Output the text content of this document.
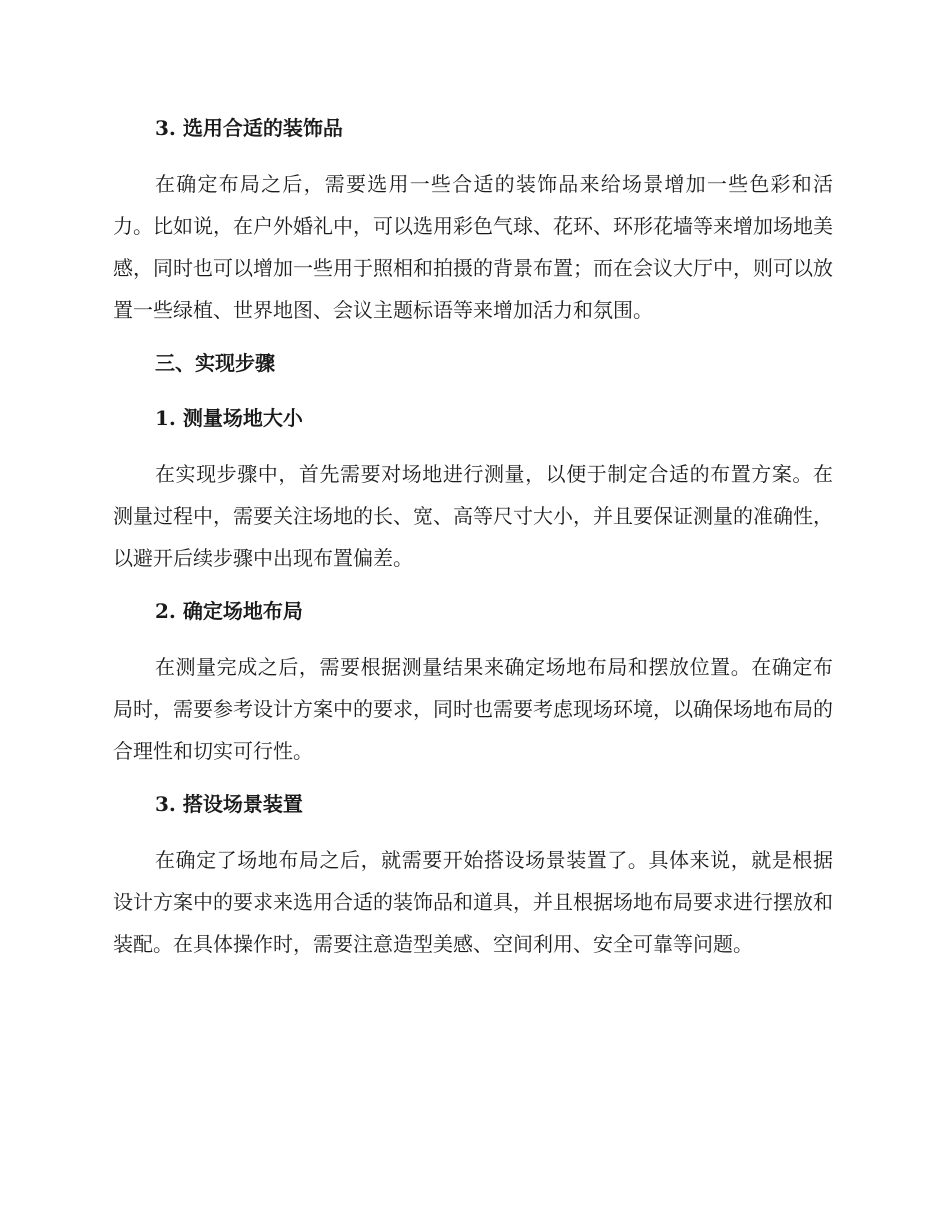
3. 选用合适的装饰品

在确定布局之后，需要选用一些合适的装饰品来给场景增加一些色彩和活力。比如说，在户外婚礼中，可以选用彩色气球、花环、环形花墙等来增加场地美感，同时也可以增加一些用于照相和拍摄的背景布置；而在会议大厅中，则可以放置一些绿植、世界地图、会议主题标语等来增加活力和氛围。

三、实现步骤
1. 测量场地大小

在实现步骤中，首先需要对场地进行测量，以便于制定合适的布置方案。在测量过程中，需要关注场地的长、宽、高等尺寸大小，并且要保证测量的准确性，以避开后续步骤中出现布置偏差。

2. 确定场地布局

在测量完成之后，需要根据测量结果来确定场地布局和摆放位置。在确定布局时，需要参考设计方案中的要求，同时也需要考虑现场环境，以确保场地布局的合理性和切实可行性。

3. 搭设场景装置

在确定了场地布局之后，就需要开始搭设场景装置了。具体来说，就是根据设计方案中的要求来选用合适的装饰品和道具，并且根据场地布局要求进行摆放和装配。在具体操作时，需要注意造型美感、空间利用、安全可靠等问题。
